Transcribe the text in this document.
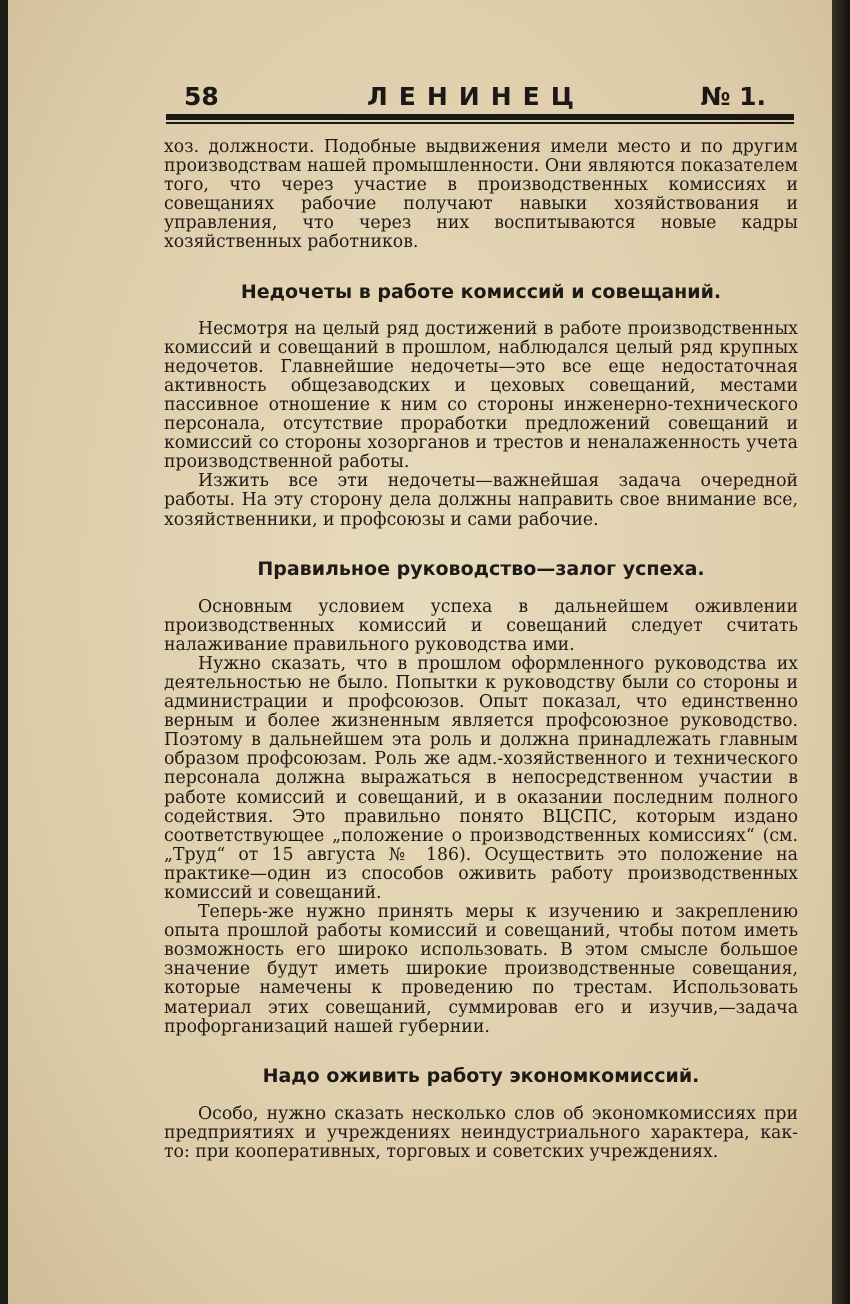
58	ЛЕНИНЕЦ	№ 1.

хоз. должности. Подобные выдвижения имели место и по другим производствам нашей промышленности. Они являются показателем того, что через участие в производственных комиссиях и совещаниях рабочие получают навыки хозяйствования и управления, что через них воспитываются новые кадры хозяйственных работников.

Недочеты в работе комиссий и совещаний.

Несмотря на целый ряд достижений в работе производственных комиссий и совещаний в прошлом, наблюдался целый ряд крупных недочетов. Главнейшие недочеты—это все еще недостаточная активность общезаводских и цеховых совещаний, местами пассивное отношение к ним со стороны инженерно-технического персонала, отсутствие проработки предложений совещаний и комиссий со стороны хозорганов и трестов и неналаженность учета производственной работы.

Изжить все эти недочеты—важнейшая задача очередной работы. На эту сторону дела должны направить свое внимание все, хозяйственники, и профсоюзы и сами рабочие.

Правильное руководство—залог успеха.

Основным условием успеха в дальнейшем оживлении производственных комиссий и совещаний следует считать налаживание правильного руководства ими.

Нужно сказать, что в прошлом оформленного руководства их деятельностью не было. Попытки к руководству были со стороны и администрации и профсоюзов. Опыт показал, что единственно верным и более жизненным является профсоюзное руководство. Поэтому в дальнейшем эта роль и должна принадлежать главным образом профсоюзам. Роль же адм.-хозяйственного и технического персонала должна выражаться в непосредственном участии в работе комиссий и совещаний, и в оказании последним полного содействия. Это правильно понято ВЦСПС, которым издано соответствующее „положение о производственных комиссиях“ (см. „Труд“ от 15 августа № 186). Осуществить это положение на практике—один из способов оживить работу производственных комиссий и совещаний.

Теперь-же нужно принять меры к изучению и закреплению опыта прошлой работы комиссий и совещаний, чтобы потом иметь возможность его широко использовать. В этом смысле большое значение будут иметь широкие производственные совещания, которые намечены к проведению по трестам. Использовать материал этих совещаний, суммировав его и изучив,—задача профорганизаций нашей губернии.

Надо оживить работу экономкомиссий.

Особо, нужно сказать несколько слов об экономкомиссиях при предприятиях и учреждениях неиндустриального характера, как-то: при кооперативных, торговых и советских учреждениях.
